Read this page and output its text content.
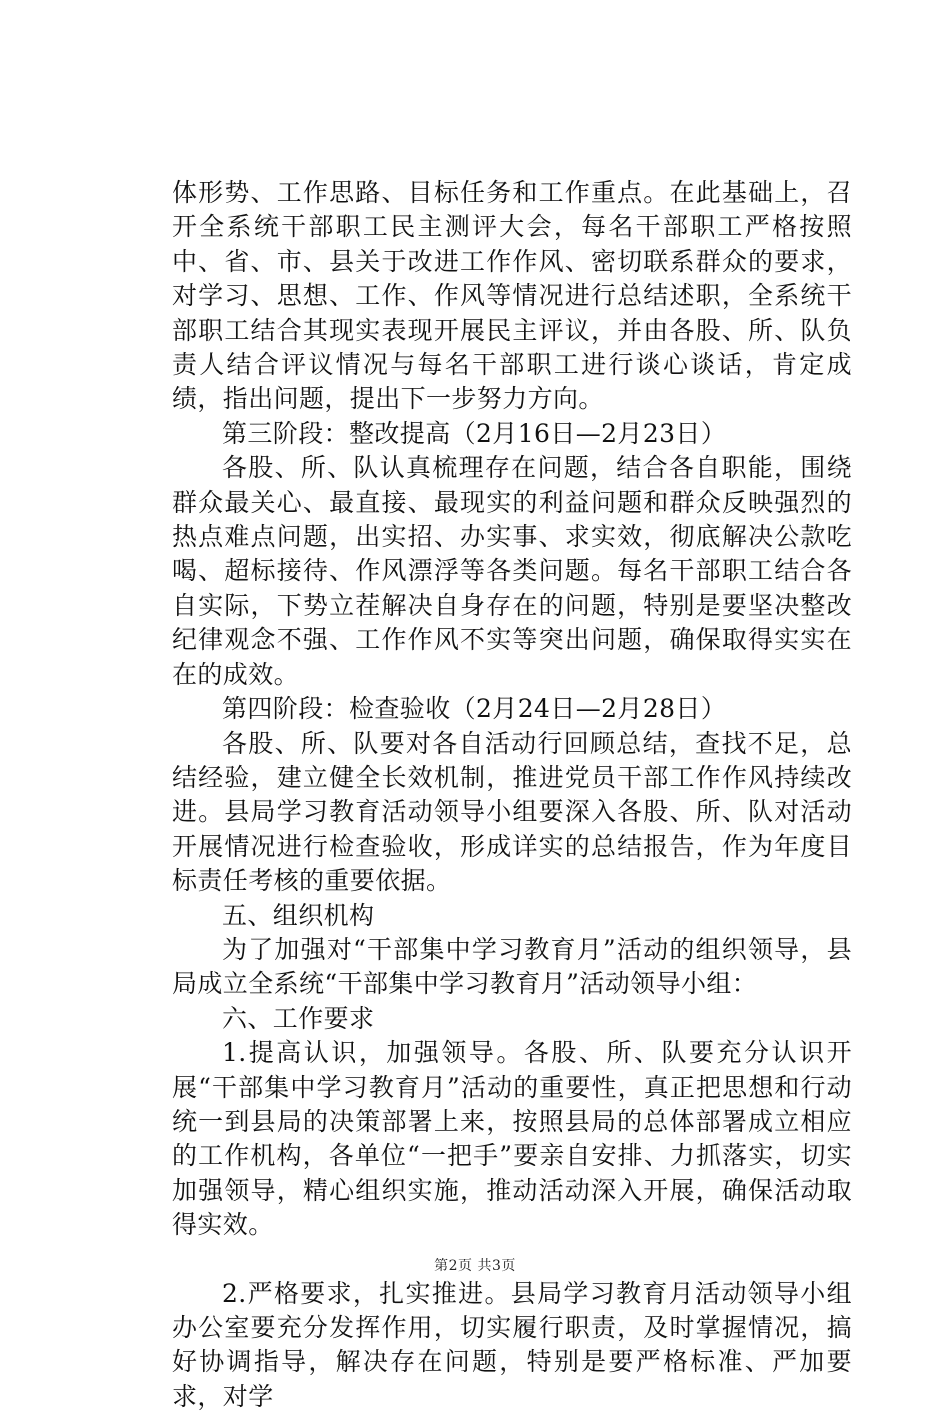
体形势、工作思路、目标任务和工作重点。在此基础上，召开全系统干部职工民主测评大会，每名干部职工严格按照中、省、市、县关于改进工作作风、密切联系群众的要求，对学习、思想、工作、作风等情况进行总结述职，全系统干部职工结合其现实表现开展民主评议，并由各股、所、队负责人结合评议情况与每名干部职工进行谈心谈话，肯定成绩，指出问题，提出下一步努力方向。

第三阶段：整改提高（2月16日—2月23日）

各股、所、队认真梳理存在问题，结合各自职能，围绕群众最关心、最直接、最现实的利益问题和群众反映强烈的热点难点问题，出实招、办实事、求实效，彻底解决公款吃喝、超标接待、作风漂浮等各类问题。每名干部职工结合各自实际，下势立茬解决自身存在的问题，特别是要坚决整改纪律观念不强、工作作风不实等突出问题，确保取得实实在在的成效。

第四阶段：检查验收（2月24日—2月28日）

各股、所、队要对各自活动行回顾总结，查找不足，总结经验，建立健全长效机制，推进党员干部工作作风持续改进。县局学习教育活动领导小组要深入各股、所、队对活动开展情况进行检查验收，形成详实的总结报告，作为年度目标责任考核的重要依据。

五、组织机构

为了加强对“干部集中学习教育月”活动的组织领导，县局成立全系统“干部集中学习教育月”活动领导小组：

六、工作要求

1.提高认识，加强领导。各股、所、队要充分认识开展“干部集中学习教育月”活动的重要性，真正把思想和行动统一到县局的决策部署上来，按照县局的总体部署成立相应的工作机构，各单位“一把手”要亲自安排、力抓落实，切实加强领导，精心组织实施，推动活动深入开展，确保活动取得实效。

2.严格要求，扎实推进。县局学习教育月活动领导小组办公室要充分发挥作用，切实履行职责，及时掌握情况，搞好协调指导，解决存在问题，特别是要严格标准、严加要求，对学

第2页 共3页
